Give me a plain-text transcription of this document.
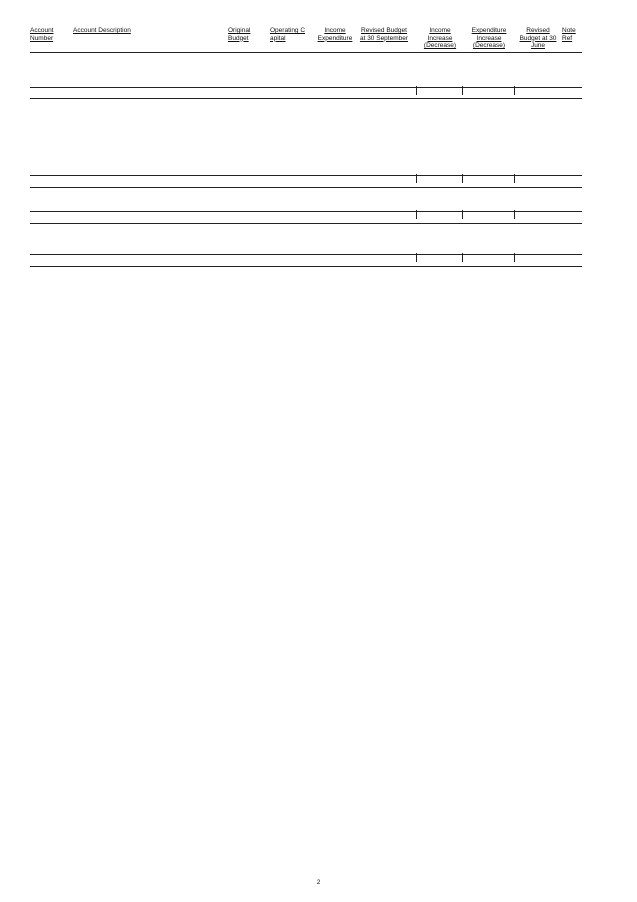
Account
Number
Account Description	Original
Budget
Operating C
apital
Income
Expenditure
Revised Budget
at 30 September
Income
Increase
(Decrease)
Expenditure
Increase
(Decrease)
Revised
Budget at 30
June
Note
Ref
2
